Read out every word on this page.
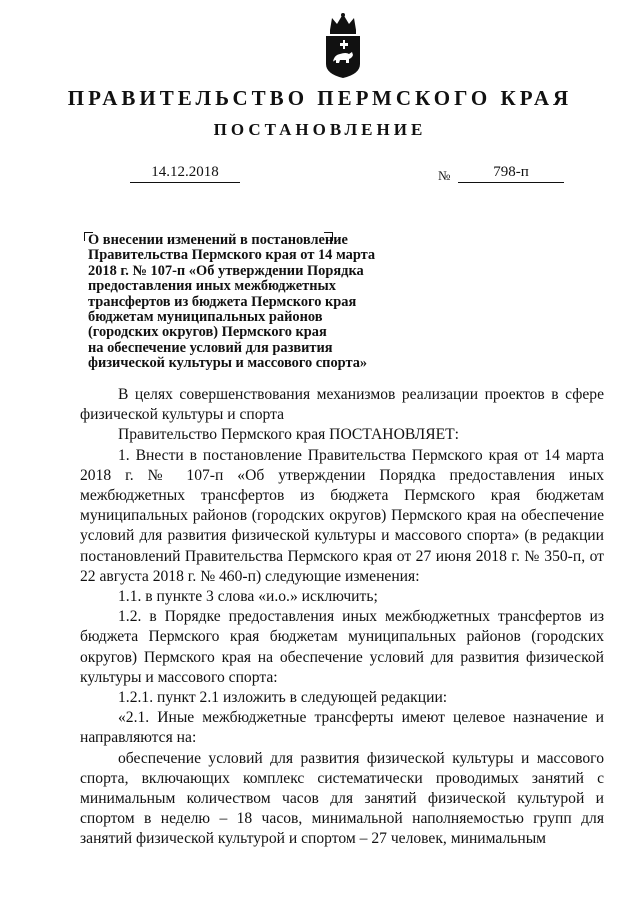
ПРАВИТЕЛЬСТВО ПЕРМСКОГО КРАЯ
ПОСТАНОВЛЕНИЕ
14.12.2018	№	798-п
О внесении изменений в постановление
Правительства Пермского края от 14 марта
2018 г. № 107-п «Об утверждении Порядка
предоставления иных межбюджетных
трансфертов из бюджета Пермского края
бюджетам муниципальных районов
(городских округов) Пермского края
на обеспечение условий для развития
физической культуры и массового спорта»

В целях совершенствования механизмов реализации проектов в сфере физической культуры и спорта

Правительство Пермского края ПОСТАНОВЛЯЕТ:

1. Внести в постановление Правительства Пермского края от 14 марта 2018 г. № 107-п «Об утверждении Порядка предоставления иных межбюджетных трансфертов из бюджета Пермского края бюджетам муниципальных районов (городских округов) Пермского края на обеспечение условий для развития физической культуры и массового спорта» (в редакции постановлений Правительства Пермского края от 27 июня 2018 г. № 350-п, от 22 августа 2018 г. № 460-п) следующие изменения:

1.1. в пункте 3 слова «и.о.» исключить;

1.2. в Порядке предоставления иных межбюджетных трансфертов из бюджета Пермского края бюджетам муниципальных районов (городских округов) Пермского края на обеспечение условий для развития физической культуры и массового спорта:

1.2.1. пункт 2.1 изложить в следующей редакции:

«2.1. Иные межбюджетные трансферты имеют целевое назначение и направляются на:

обеспечение условий для развития физической культуры и массового спорта, включающих комплекс систематически проводимых занятий с минимальным количеством часов для занятий физической культурой и спортом в неделю – 18 часов, минимальной наполняемостью групп для занятий физической культурой и спортом – 27 человек, минимальным
